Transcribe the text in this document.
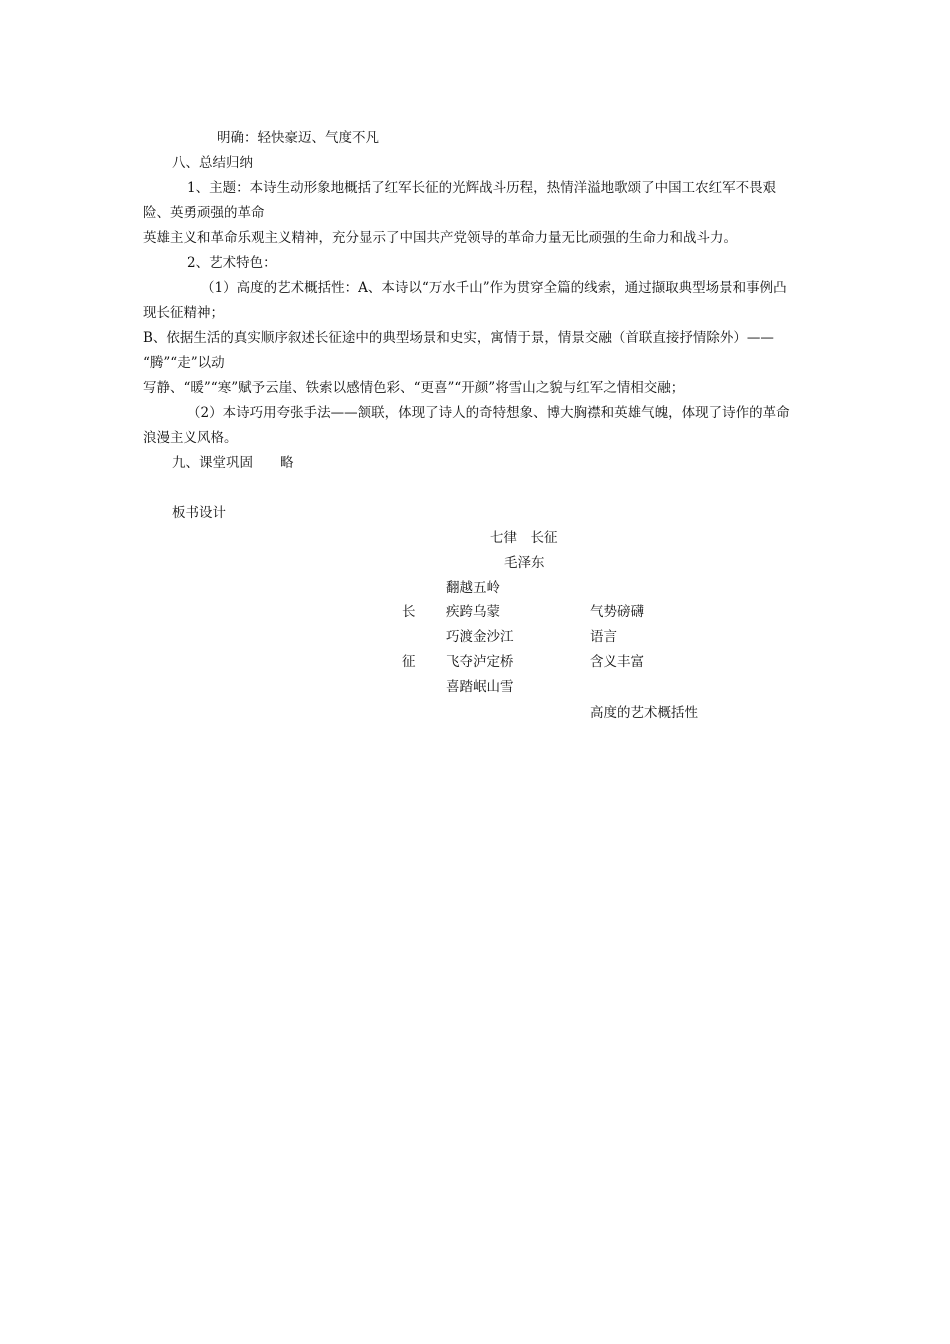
明确：轻快豪迈、气度不凡
八、总结归纳
1、主题：本诗生动形象地概括了红军长征的光辉战斗历程，热情洋溢地歌颂了中国工农红军不畏艰
险、英勇顽强的革命
英雄主义和革命乐观主义精神，充分显示了中国共产党领导的革命力量无比顽强的生命力和战斗力。
2、艺术特色：
（1）高度的艺术概括性：A、本诗以“万水千山”作为贯穿全篇的线索，通过撷取典型场景和事例凸
现长征精神；
B、依据生活的真实顺序叙述长征途中的典型场景和史实，寓情于景，情景交融（首联直接抒情除外）——
“腾”“走”以动
写静、“暖”“寒”赋予云崖、铁索以感情色彩、“更喜”“开颜”将雪山之貌与红军之情相交融；
（2）本诗巧用夸张手法——颔联，体现了诗人的奇特想象、博大胸襟和英雄气魄，体现了诗作的革命
浪漫主义风格。
九、课堂巩固　　略
板书设计
七律　长征
毛泽东
长
征
翻越五岭
疾跨乌蒙
巧渡金沙江
飞夺泸定桥
喜踏岷山雪
气势磅礴
语言
含义丰富
高度的艺术概括性
